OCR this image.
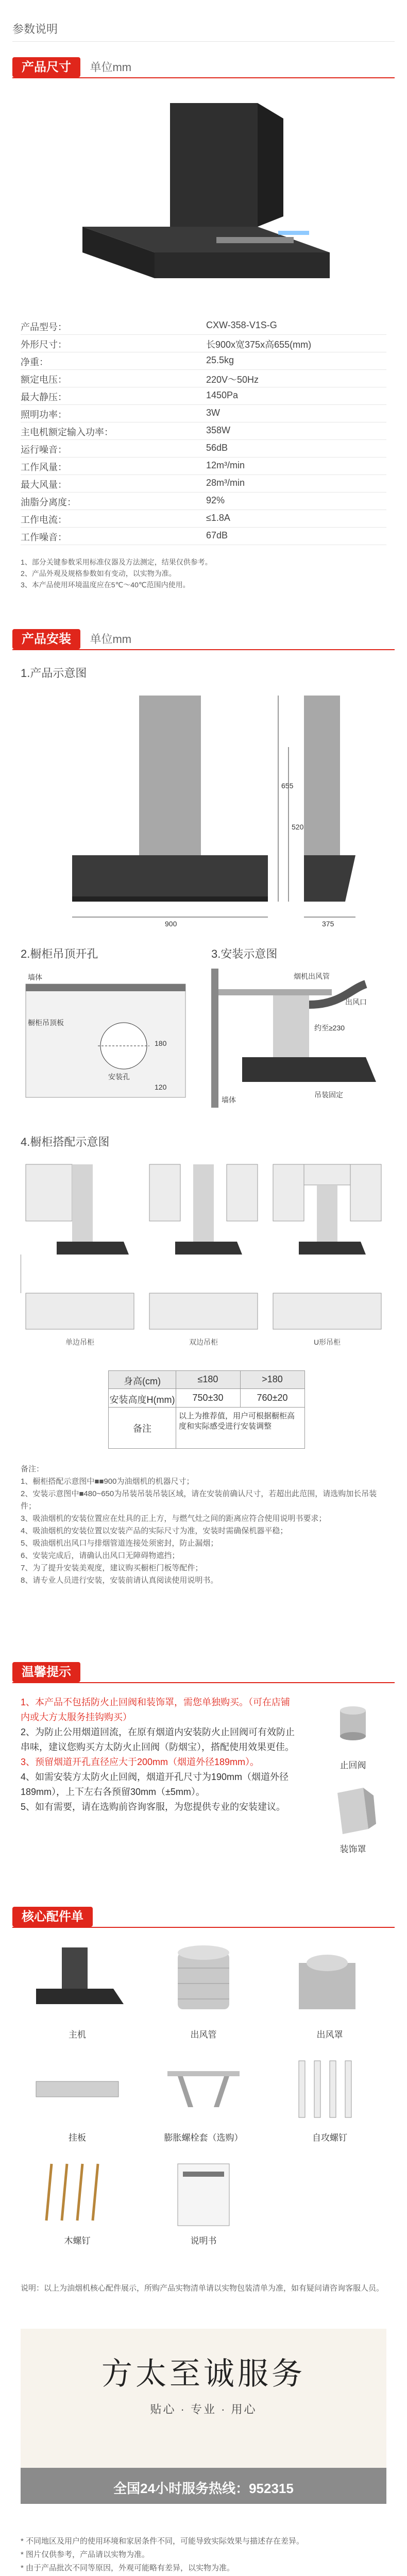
参数说明
产品尺寸 单位mm
产品型号：	CXW-358-V1S-G
外形尺寸：	长900x宽375x高655(mm)
净重：	25.5kg
额定电压：	220V～50Hz
最大静压：	1450Pa
照明功率：	3W
主电机额定输入功率：	358W
运行噪音：	56dB
工作风量：	12m³/min
最大风量：	28m³/min
油脂分离度：	92%
工作电流：	≤1.8A
工作噪音：	67dB
1、部分关键参数采用标准仪器及方法测定，结果仅供参考。
2、产品外观及规格参数如有变动，以实物为准。
3、本产品使用环境温度应在5℃～40℃范围内使用。
产品安装 单位mm
1.产品示意图
900
655
520
375
2.橱柜吊顶开孔	3.安装示意图
墙体
橱柜吊顶板
安装孔
180
120
烟机出风管
出风口
墙体
吊装固定
约至≥230
4.橱柜搭配示意图
单边吊柜	双边吊柜	U形吊柜
身高(cm)	≤180	>180
安装高度H(mm)	750±30	760±20
备注
以上为推荐值，用户可根据橱柜高度和实际感受进行安装调整
备注：
1、橱柜搭配示意图中■■900为油烟机的机器尺寸；
2、安装示意图中■480~650为吊装吊装吊装区域，请在安装前确认尺寸，若超出此范围，请选购加长吊装件；
3、吸油烟机的安装位置应在灶具的正上方，与燃气灶之间的距离应符合使用说明书要求；
4、吸油烟机的安装位置以安装产品的实际尺寸为准，安装时需确保机器平稳；
5、吸油烟机出风口与排烟管道连接处须密封，防止漏烟；
6、安装完成后，请确认出风口无障碍物遮挡；
7、为了提升安装美观度，建议购买橱柜门板等配件；
8、请专业人员进行安装，安装前请认真阅读使用说明书。
温馨提示
1、本产品不包括防火止回阀和装饰罩，需您单独购买。（可在店铺内或大方太服务挂钩购买）
2、为防止公用烟道回流，在原有烟道内安装防火止回阀可有效防止串味，建议您购买方太防火止回阀（防烟宝），搭配使用效果更佳。
3、预留烟道开孔直径应大于200mm（烟道外径189mm）。
4、如需安装方太防火止回阀，烟道开孔尺寸为190mm（烟道外径189mm），上下左右各预留30mm（±5mm）。
5、如有需要，请在选购前咨询客服，为您提供专业的安装建议。
止回阀
装饰罩
核心配件单
主机	出风管	出风罩
挂板	膨胀螺栓套（选购）	自攻螺钉
木螺钉	说明书
说明：以上为油烟机核心配件展示，所购产品实物清单请以实物包装清单为准，如有疑问请咨询客服人员。
方太至诚服务
贴心 · 专业 · 用心
全国24小时服务热线：952315
* 不同地区及用户的使用环境和家居条件不同，可能导致实际效果与描述存在差异。
* 图片仅供参考，产品请以实物为准。
* 由于产品批次不同等原因，外观可能略有差异，以实物为准。
